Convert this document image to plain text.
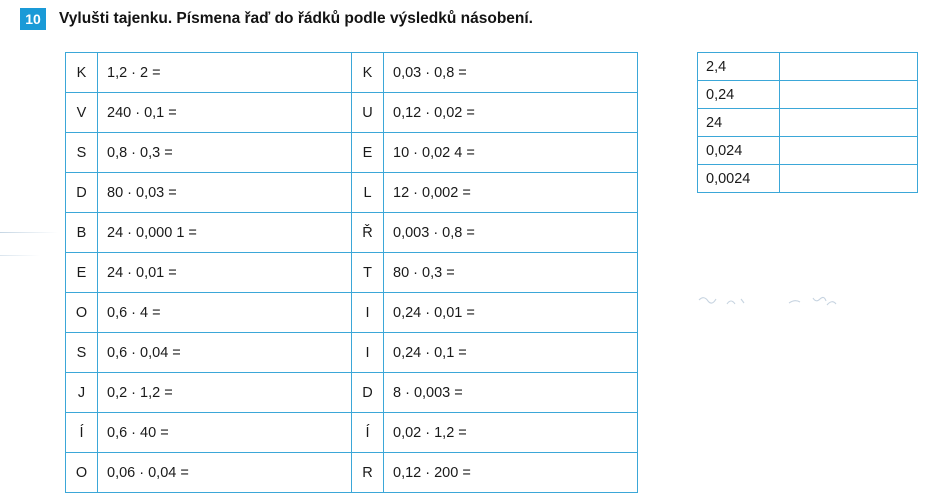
10	Vylušti tajenku. Písmena řaď do řádků podle výsledků násobení.
K	1,2 · 2 =	K	0,03 · 0,8 =
V	240 · 0,1 =	U	0,12 · 0,02 =
S	0,8 · 0,3 =	E	10 · 0,02 4 =
D	80 · 0,03 =	L	12 · 0,002 =
B	24 · 0,000 1 =	Ř	0,003 · 0,8 =
E	24 · 0,01 =	T	80 · 0,3 =
O	0,6 · 4 =	I	0,24 · 0,01 =
S	0,6 · 0,04 =	I	0,24 · 0,1 =
J	0,2 · 1,2 =	D	8 · 0,003 =
Í	0,6 · 40 =	Í	0,02 · 1,2 =
O	0,06 · 0,04 =	R	0,12 · 200 =
2,4	
0,24	
24	
0,024	
0,0024	
